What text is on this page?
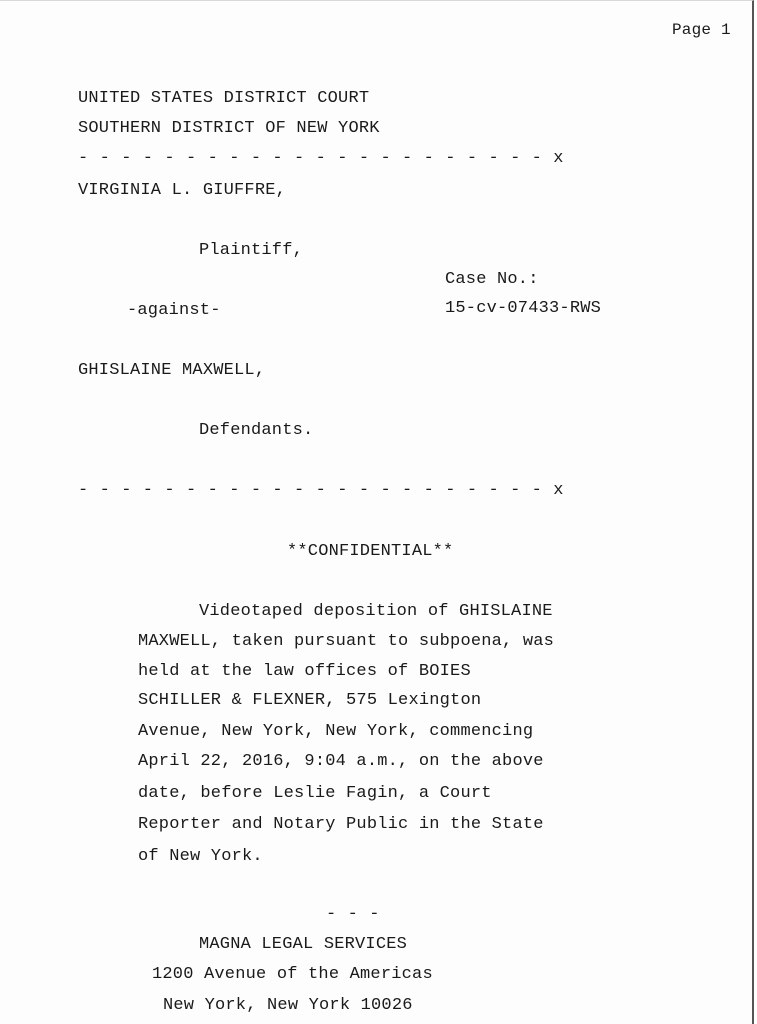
Page 1
UNITED STATES DISTRICT COURT
SOUTHERN DISTRICT OF NEW YORK
- - - - - - - - - - - - - - - - - - - - - - x
VIRGINIA L. GIUFFRE,
Plaintiff,
Case No.:
-against-	15-cv-07433-RWS
GHISLAINE MAXWELL,
Defendants.
- - - - - - - - - - - - - - - - - - - - - - x
**CONFIDENTIAL**
Videotaped deposition of GHISLAINE
MAXWELL, taken pursuant to subpoena, was
held at the law offices of BOIES
SCHILLER & FLEXNER, 575 Lexington
Avenue, New York, New York, commencing
April 22, 2016, 9:04 a.m., on the above
date, before Leslie Fagin, a Court
Reporter and Notary Public in the State
of New York.
- - -
MAGNA LEGAL SERVICES
1200 Avenue of the Americas
New York, New York 10026
